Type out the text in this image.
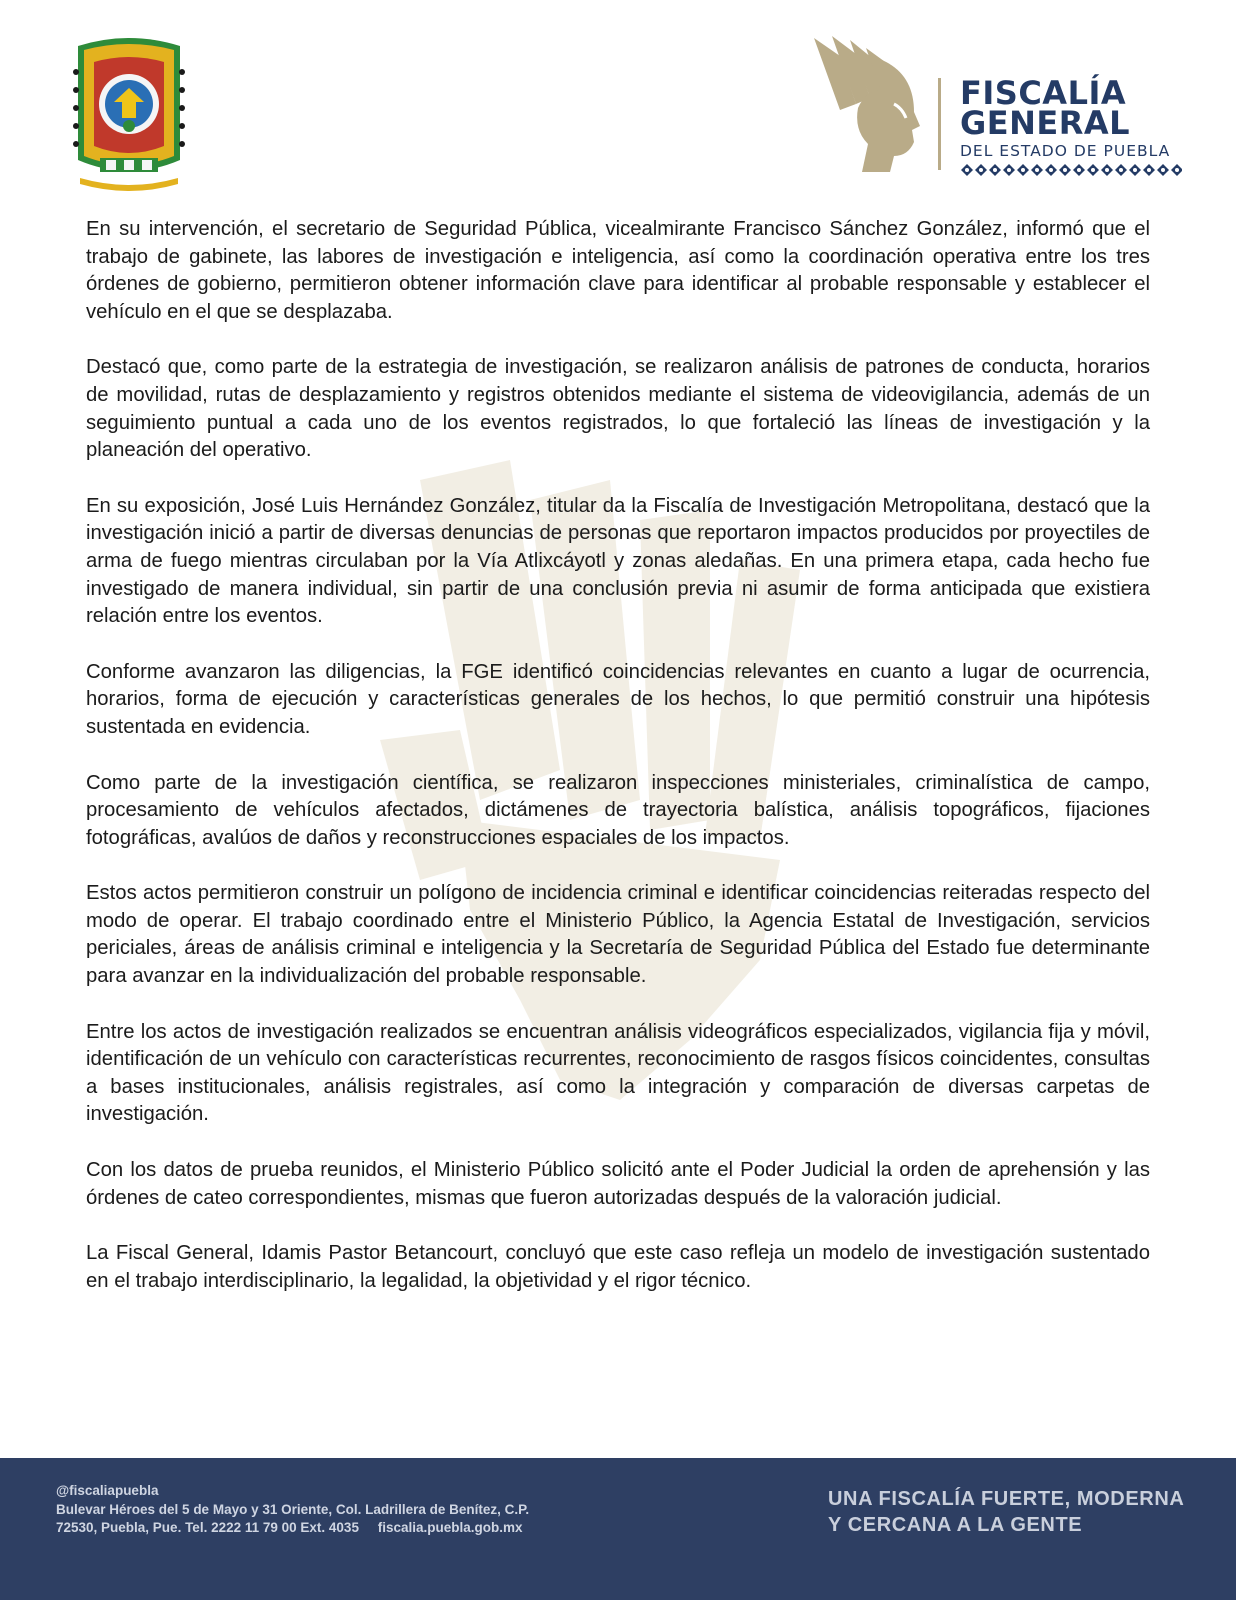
FISCALÍA
GENERAL
DEL ESTADO DE PUEBLA

En su intervención, el secretario de Seguridad Pública, vicealmirante Francisco Sánchez González, informó que el trabajo de gabinete, las labores de investigación e inteligencia, así como la coordinación operativa entre los tres órdenes de gobierno, permitieron obtener información clave para identificar al probable responsable y establecer el vehículo en el que se desplazaba.

Destacó que, como parte de la estrategia de investigación, se realizaron análisis de patrones de conducta, horarios de movilidad, rutas de desplazamiento y registros obtenidos mediante el sistema de videovigilancia, además de un seguimiento puntual a cada uno de los eventos registrados, lo que fortaleció las líneas de investigación y la planeación del operativo.

En su exposición, José Luis Hernández González, titular da la Fiscalía de Investigación Metropolitana, destacó que la investigación inició a partir de diversas denuncias de personas que reportaron impactos producidos por proyectiles de arma de fuego mientras circulaban por la Vía Atlixcáyotl y zonas aledañas. En una primera etapa, cada hecho fue investigado de manera individual, sin partir de una conclusión previa ni asumir de forma anticipada que existiera relación entre los eventos.

Conforme avanzaron las diligencias, la FGE identificó coincidencias relevantes en cuanto a lugar de ocurrencia, horarios, forma de ejecución y características generales de los hechos, lo que permitió construir una hipótesis sustentada en evidencia.

Como parte de la investigación científica, se realizaron inspecciones ministeriales, criminalística de campo, procesamiento de vehículos afectados, dictámenes de trayectoria balística, análisis topográficos, fijaciones fotográficas, avalúos de daños y reconstrucciones espaciales de los impactos.

Estos actos permitieron construir un polígono de incidencia criminal e identificar coincidencias reiteradas respecto del modo de operar. El trabajo coordinado entre el Ministerio Público, la Agencia Estatal de Investigación, servicios periciales, áreas de análisis criminal e inteligencia y la Secretaría de Seguridad Pública del Estado fue determinante para avanzar en la individualización del probable responsable.

Entre los actos de investigación realizados se encuentran análisis videográficos especializados, vigilancia fija y móvil, identificación de un vehículo con características recurrentes, reconocimiento de rasgos físicos coincidentes, consultas a bases institucionales, análisis registrales, así como la integración y comparación de diversas carpetas de investigación.

Con los datos de prueba reunidos, el Ministerio Público solicitó ante el Poder Judicial la orden de aprehensión y las órdenes de cateo correspondientes, mismas que fueron autorizadas después de la valoración judicial.

La Fiscal General, Idamis Pastor Betancourt, concluyó que este caso refleja un modelo de investigación sustentado en el trabajo interdisciplinario, la legalidad, la objetividad y el rigor técnico.

@fiscaliapuebla
Bulevar Héroes del 5 de Mayo y 31 Oriente, Col. Ladrillera de Benítez, C.P.
72530, Puebla, Pue. Tel. 2222 11 79 00 Ext. 4035     fiscalia.puebla.gob.mx
UNA FISCALÍA FUERTE, MODERNA
Y CERCANA A LA GENTE
